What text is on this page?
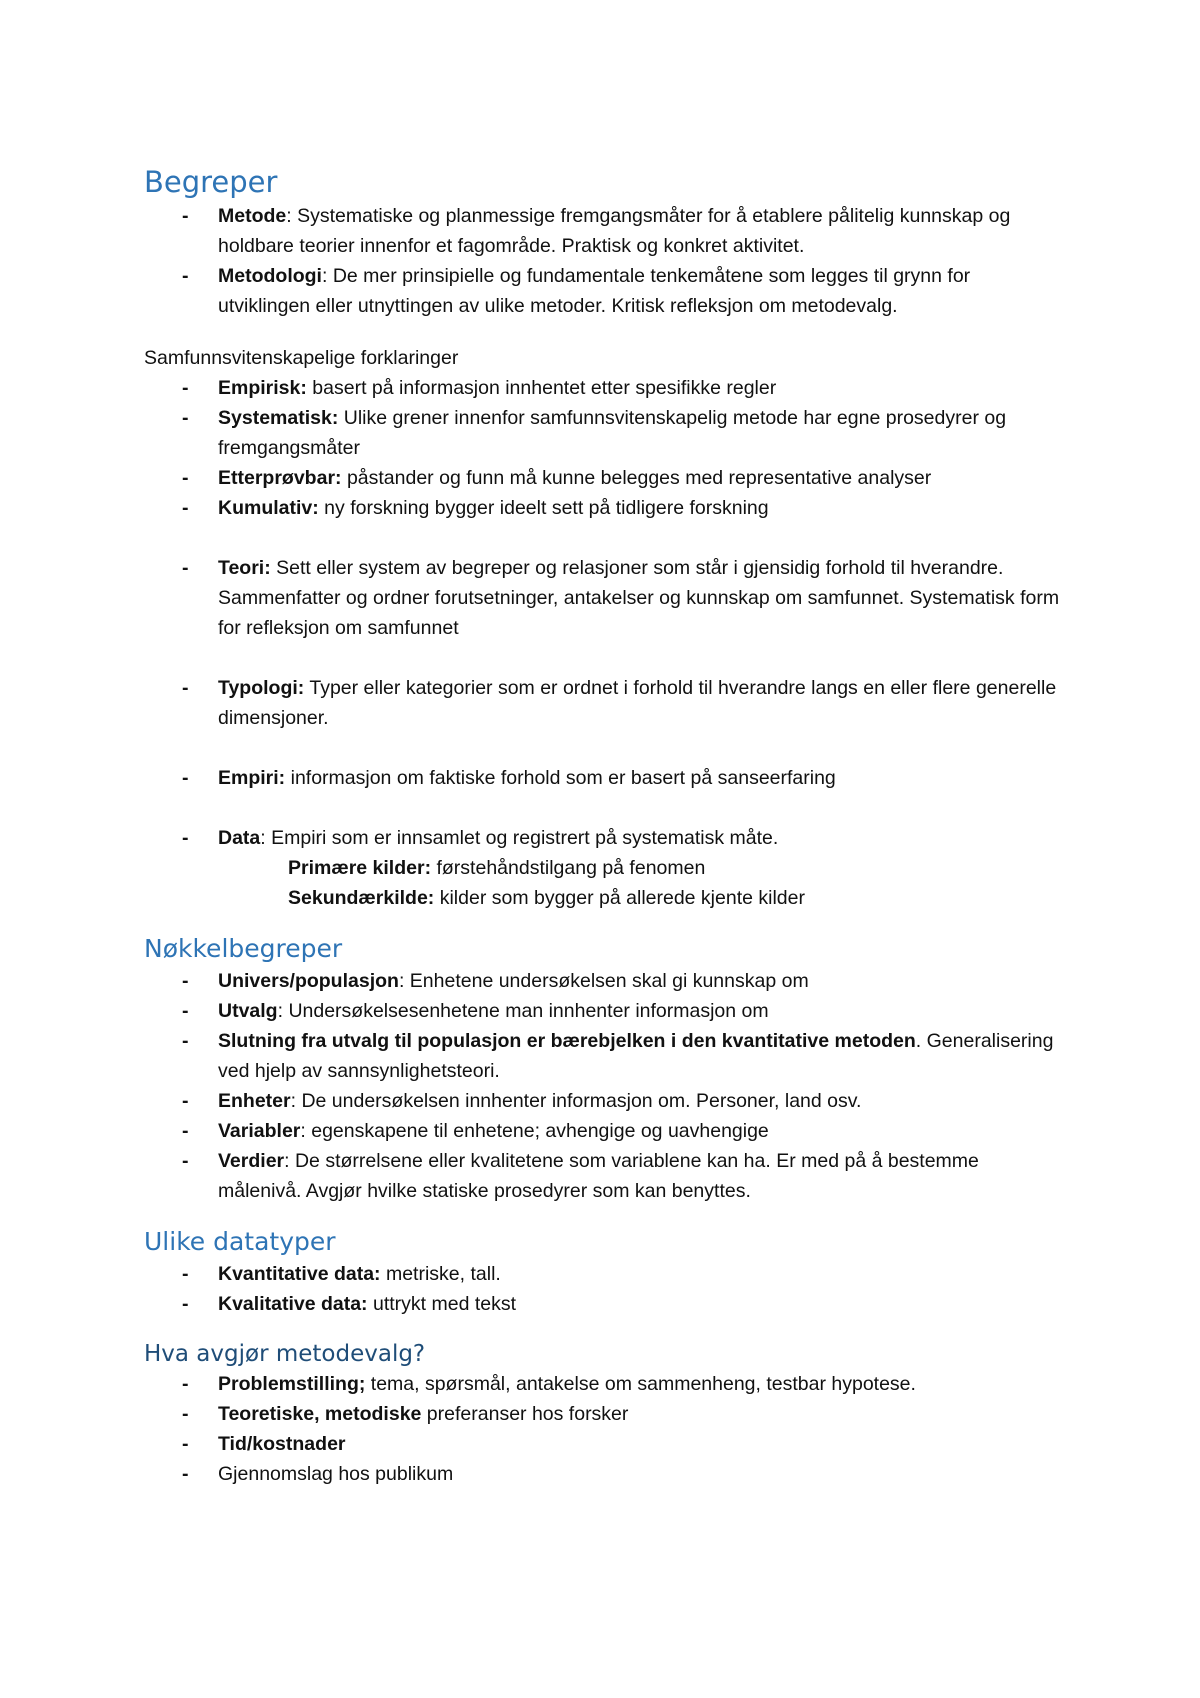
Begreper
- Metode: Systematiske og planmessige fremgangsmåter for å etablere pålitelig kunnskap og holdbare teorier innenfor et fagområde. Praktisk og konkret aktivitet.
- Metodologi: De mer prinsipielle og fundamentale tenkemåtene som legges til grynn for utviklingen eller utnyttingen av ulike metoder. Kritisk refleksjon om metodevalg.

Samfunnsvitenskapelige forklaringer

- Empirisk: basert på informasjon innhentet etter spesifikke regler
- Systematisk: Ulike grener innenfor samfunnsvitenskapelig metode har egne prosedyrer og fremgangsmåter
- Etterprøvbar: påstander og funn må kunne belegges med representative analyser
- Kumulativ: ny forskning bygger ideelt sett på tidligere forskning
- Teori: Sett eller system av begreper og relasjoner som står i gjensidig forhold til hverandre. Sammenfatter og ordner forutsetninger, antakelser og kunnskap om samfunnet. Systematisk form for refleksjon om samfunnet
- Typologi: Typer eller kategorier som er ordnet i forhold til hverandre langs en eller flere generelle dimensjoner.
- Empiri: informasjon om faktiske forhold som er basert på sanseerfaring
- Data: Empiri som er innsamlet og registrert på systematisk måte.
Primære kilder: førstehåndstilgang på fenomen
Sekundærkilde: kilder som bygger på allerede kjente kilder
Nøkkelbegreper
- Univers/populasjon: Enhetene undersøkelsen skal gi kunnskap om
- Utvalg: Undersøkelsesenhetene man innhenter informasjon om
- Slutning fra utvalg til populasjon er bærebjelken i den kvantitative metoden. Generalisering ved hjelp av sannsynlighetsteori.
- Enheter: De undersøkelsen innhenter informasjon om. Personer, land osv.
- Variabler: egenskapene til enhetene; avhengige og uavhengige
- Verdier: De størrelsene eller kvalitetene som variablene kan ha. Er med på å bestemme målenivå. Avgjør hvilke statiske prosedyrer som kan benyttes.
Ulike datatyper
- Kvantitative data: metriske, tall.
- Kvalitative data: uttrykt med tekst
Hva avgjør metodevalg?
- Problemstilling; tema, spørsmål, antakelse om sammenheng, testbar hypotese.
- Teoretiske, metodiske preferanser hos forsker
- Tid/kostnader
- Gjennomslag hos publikum
